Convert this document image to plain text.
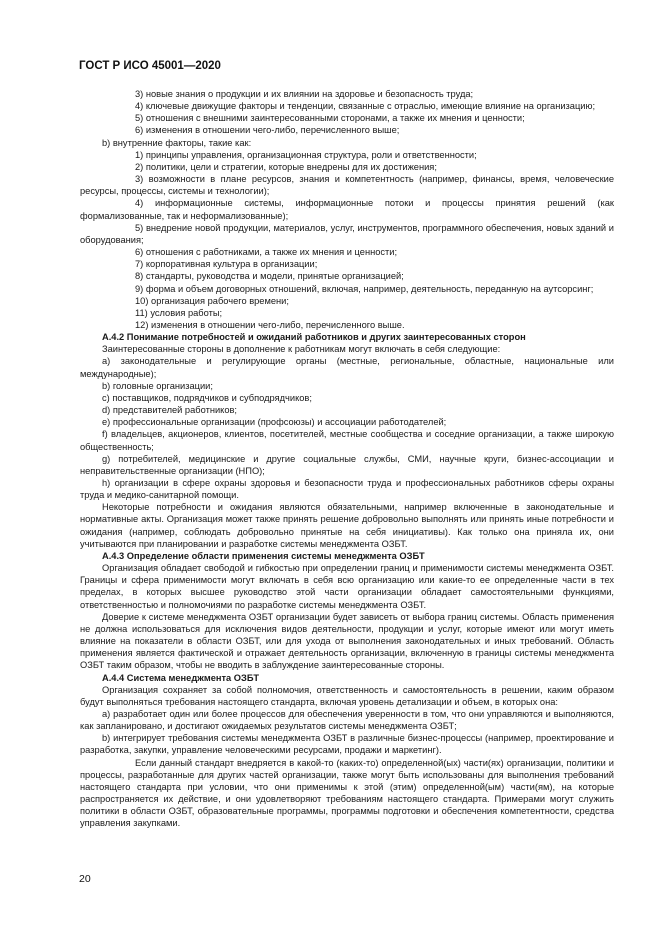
ГОСТ Р ИСО 45001—2020

3) новые знания о продукции и их влиянии на здоровье и безопасность труда;

4) ключевые движущие факторы и тенденции, связанные с отраслью, имеющие влияние на организацию;

5) отношения с внешними заинтересованными сторонами, а также их мнения и ценности;

6) изменения в отношении чего-либо, перечисленного выше;

b) внутренние факторы, такие как:

1) принципы управления, организационная структура, роли и ответственности;

2) политики, цели и стратегии, которые внедрены для их достижения;

3) возможности в плане ресурсов, знания и компетентность (например, финансы, время, человеческие ресурсы, процессы, системы и технологии);

4) информационные системы, информационные потоки и процессы принятия решений (как формализованные, так и неформализованные);

5) внедрение новой продукции, материалов, услуг, инструментов, программного обеспечения, новых зданий и оборудования;

6) отношения с работниками, а также их мнения и ценности;

7) корпоративная культура в организации;

8) стандарты, руководства и модели, принятые организацией;

9) форма и объем договорных отношений, включая, например, деятельность, переданную на аутсорсинг;

10) организация рабочего времени;

11) условия работы;

12) изменения в отношении чего-либо, перечисленного выше.

A.4.2 Понимание потребностей и ожиданий работников и других заинтересованных сторон

Заинтересованные стороны в дополнение к работникам могут включать в себя следующие:

a) законодательные и регулирующие органы (местные, региональные, областные, национальные или международные);

b) головные организации;

c) поставщиков, подрядчиков и субподрядчиков;

d) представителей работников;

e) профессиональные организации (профсоюзы) и ассоциации работодателей;

f) владельцев, акционеров, клиентов, посетителей, местные сообщества и соседние организации, а также широкую общественность;

g) потребителей, медицинские и другие социальные службы, СМИ, научные круги, бизнес-ассоциации и неправительственные организации (НПО);

h) организации в сфере охраны здоровья и безопасности труда и профессиональных работников сферы охраны труда и медико-санитарной помощи.

Некоторые потребности и ожидания являются обязательными, например включенные в законодательные и нормативные акты. Организация может также принять решение добровольно выполнять или принять иные потребности и ожидания (например, соблюдать добровольно принятые на себя инициативы). Как только она приняла их, они учитываются при планировании и разработке системы менеджмента ОЗБТ.

A.4.3 Определение области применения системы менеджмента ОЗБТ

Организация обладает свободой и гибкостью при определении границ и применимости системы менеджмента ОЗБТ. Границы и сфера применимости могут включать в себя всю организацию или какие-то ее определенные части в тех пределах, в которых высшее руководство этой части организации обладает самостоятельными функциями, ответственностью и полномочиями по разработке системы менеджмента ОЗБТ.

Доверие к системе менеджмента ОЗБТ организации будет зависеть от выбора границ системы. Область применения не должна использоваться для исключения видов деятельности, продукции и услуг, которые имеют или могут иметь влияние на показатели в области ОЗБТ, или для ухода от выполнения законодательных и иных требований. Область применения является фактической и отражает деятельность организации, включенную в границы системы менеджмента ОЗБТ таким образом, чтобы не вводить в заблуждение заинтересованные стороны.

A.4.4 Система менеджмента ОЗБТ

Организация сохраняет за собой полномочия, ответственность и самостоятельность в решении, каким образом будут выполняться требования настоящего стандарта, включая уровень детализации и объем, в которых она:

a) разработает один или более процессов для обеспечения уверенности в том, что они управляются и выполняются, как запланировано, и достигают ожидаемых результатов системы менеджмента ОЗБТ;

b) интегрирует требования системы менеджмента ОЗБТ в различные бизнес-процессы (например, проектирование и разработка, закупки, управление человеческими ресурсами, продажи и маркетинг).

Если данный стандарт внедряется в какой-то (каких-то) определенной(ых) части(ях) организации, политики и процессы, разработанные для других частей организации, также могут быть использованы для выполнения требований настоящего стандарта при условии, что они применимы к этой (этим) определенной(ым) части(ям), на которые распространяется их действие, и они удовлетворяют требованиям настоящего стандарта. Примерами могут служить политики в области ОЗБТ, образовательные программы, программы подготовки и обеспечения компетентности, средства управления закупками.

20
